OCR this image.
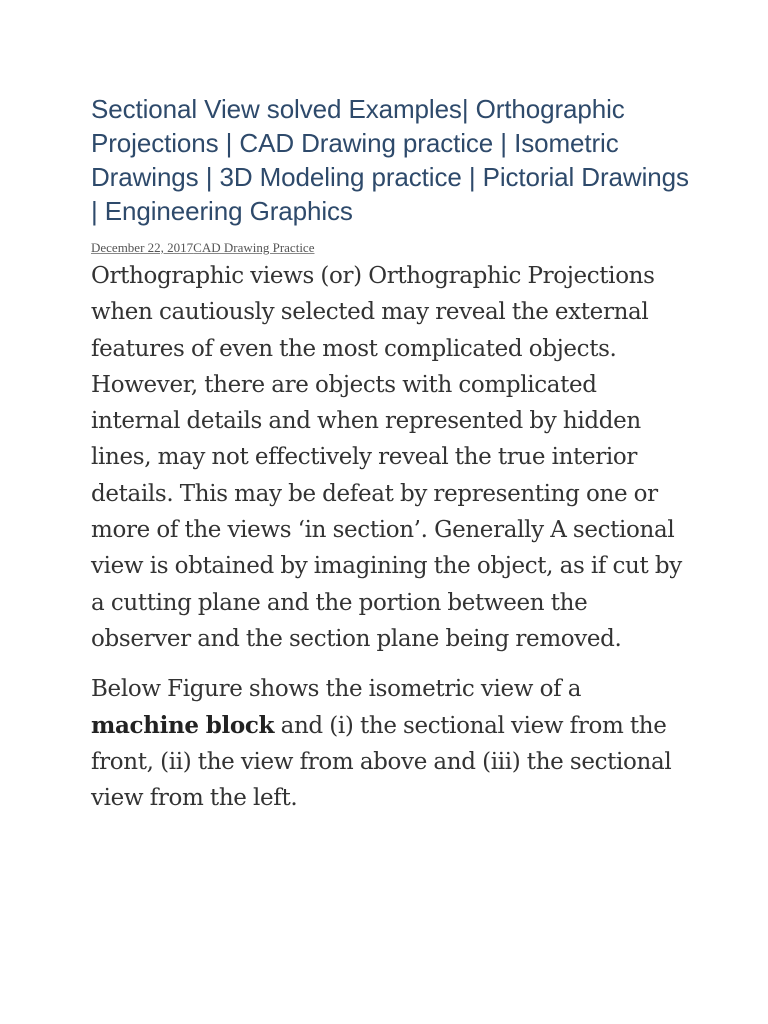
Sectional View solved Examples| Orthographic Projections | CAD Drawing practice | Isometric Drawings | 3D Modeling practice | Pictorial Drawings | Engineering Graphics
December 22, 2017CAD Drawing Practice

Orthographic views (or) Orthographic Projections when cautiously selected may reveal the external features of even the most complicated objects. However, there are objects with complicated internal details and when represented by hidden lines, may not effectively reveal the true interior details. This may be defeat by representing one or more of the views ‘in section’. Generally A sectional view is obtained by imagining the object, as if cut by a cutting plane and the portion between the observer and the section plane being removed.

Below Figure shows the isometric view of a machine block and (i) the sectional view from the front, (ii) the view from above and (iii) the sectional view from the left.
